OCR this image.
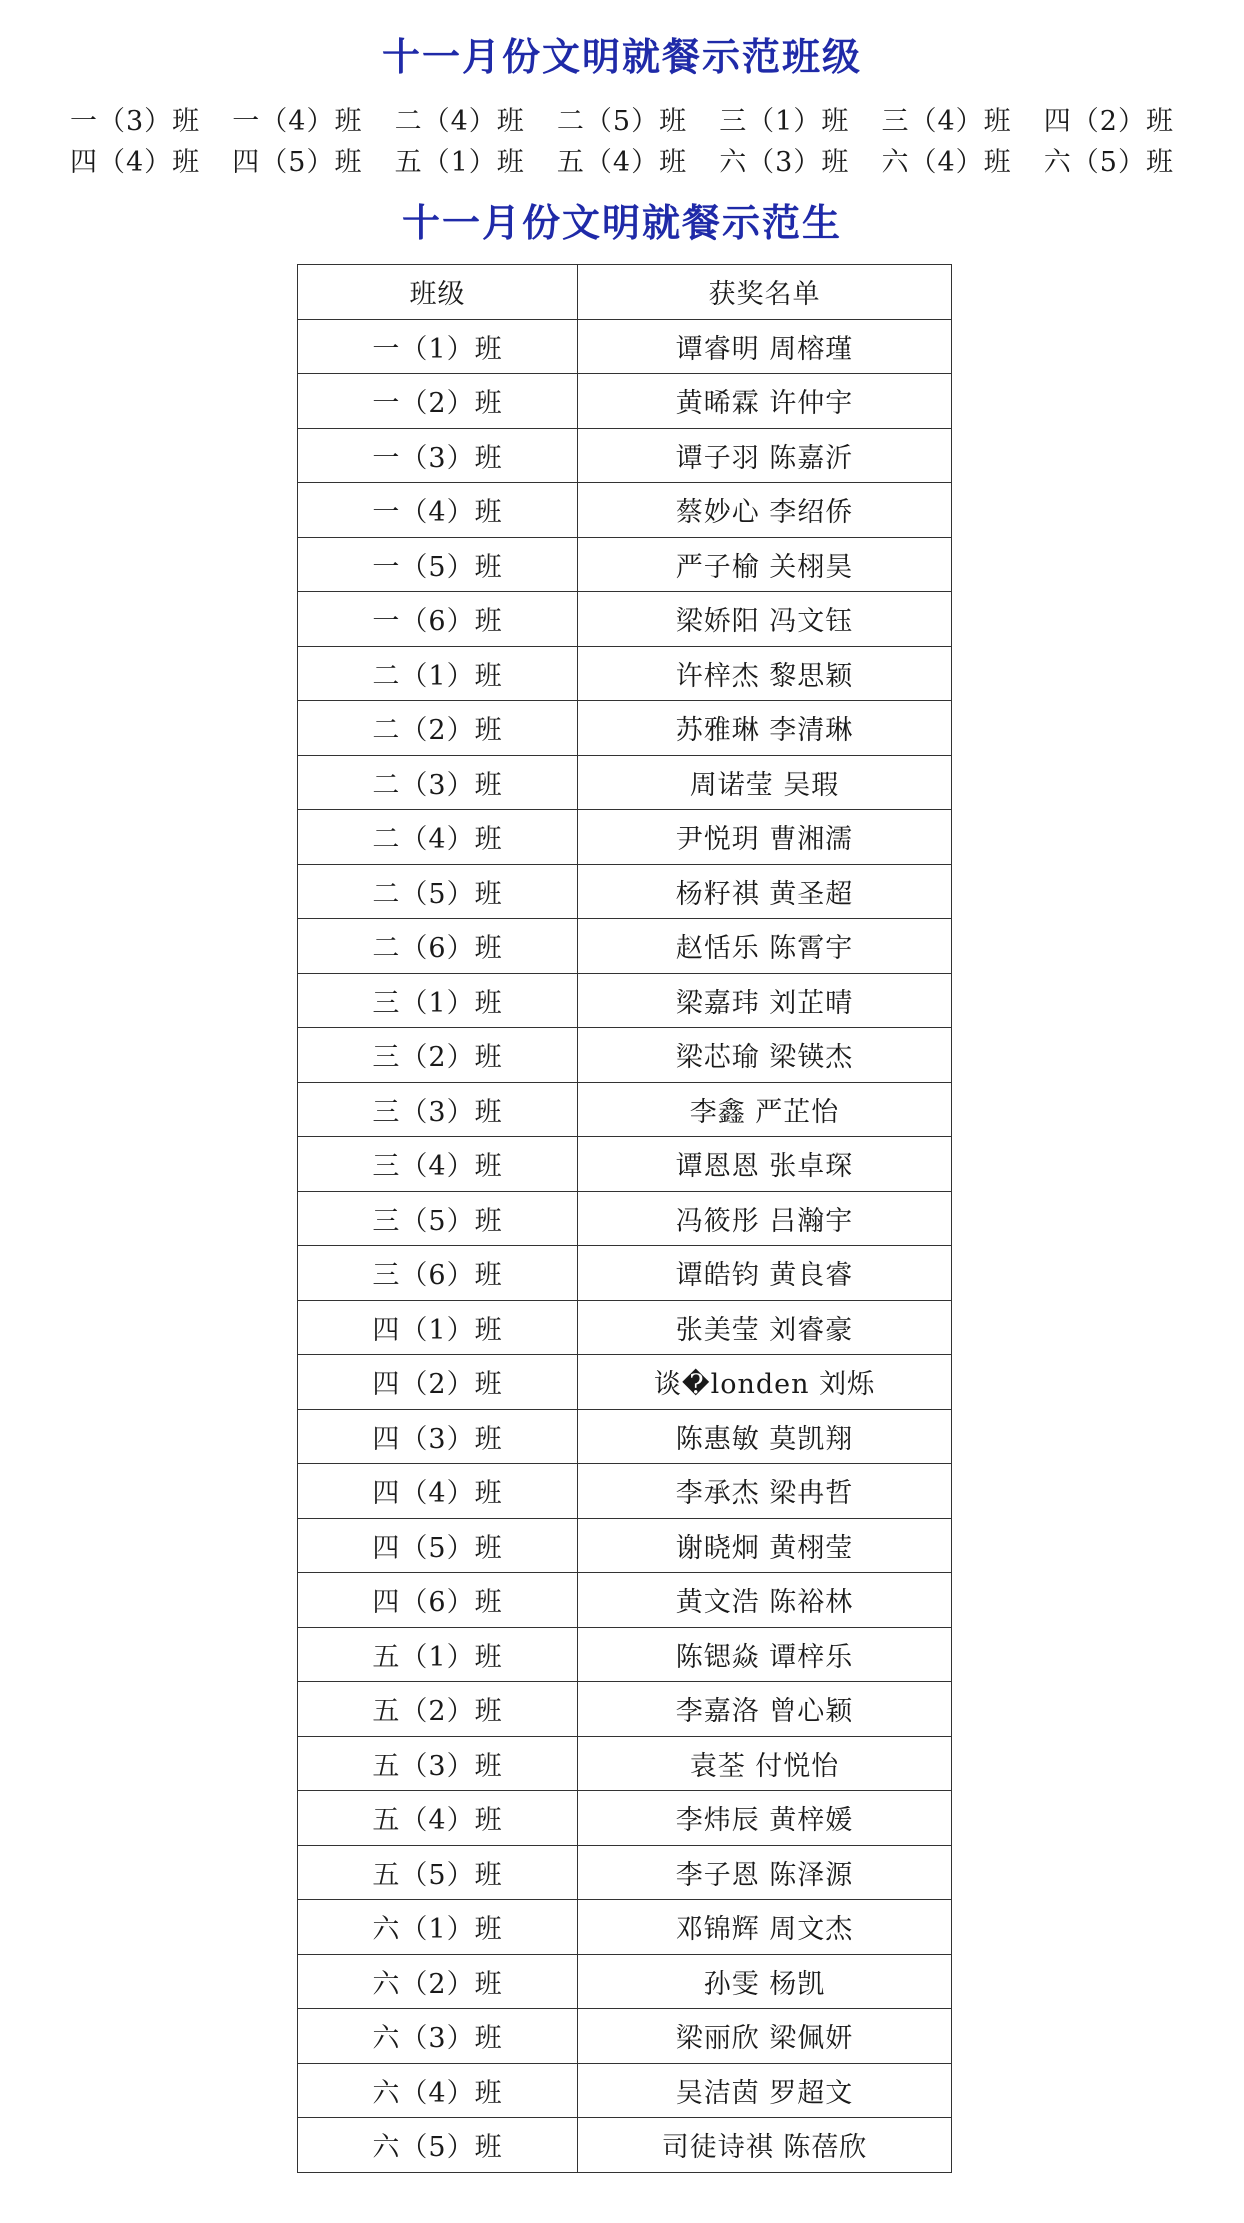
十一月份文明就餐示范班级
一（3）班 一（4）班 二（4）班 二（5）班 三（1）班 三（4）班 四（2）班
四（4）班 四（5）班 五（1）班 五（4）班 六（3）班 六（4）班 六（5）班
十一月份文明就餐示范生
班级	获奖名单
一（1）班	谭睿明 周榕瑾
一（2）班	黄晞霖 许仲宇
一（3）班	谭子羽 陈嘉沂
一（4）班	蔡妙心 李绍侨
一（5）班	严子榆 关栩昊
一（6）班	梁娇阳 冯文钰
二（1）班	许梓杰 黎思颖
二（2）班	苏雅琳 李清琳
二（3）班	周诺莹 吴瑕
二（4）班	尹悦玥 曹湘濡
二（5）班	杨籽祺 黄圣超
二（6）班	赵恬乐 陈霄宇
三（1）班	梁嘉玮 刘芷晴
三（2）班	梁芯瑜 梁锳杰
三（3）班	李鑫 严芷怡
三（4）班	谭恩恩 张卓琛
三（5）班	冯筱彤 吕瀚宇
三（6）班	谭皓钧 黄良睿
四（1）班	张美莹 刘睿豪
四（2）班	谈�londen 刘烁
四（3）班	陈惠敏 莫凯翔
四（4）班	李承杰 梁冉哲
四（5）班	谢晓炯 黄栩莹
四（6）班	黄文浩 陈裕林
五（1）班	陈锶焱 谭梓乐
五（2）班	李嘉洛 曾心颖
五（3）班	袁荃 付悦怡
五（4）班	李炜辰 黄梓媛
五（5）班	李子恩 陈泽源
六（1）班	邓锦辉 周文杰
六（2）班	孙雯 杨凯
六（3）班	梁丽欣 梁佩妍
六（4）班	吴洁茵 罗超文
六（5）班	司徒诗祺 陈蓓欣
